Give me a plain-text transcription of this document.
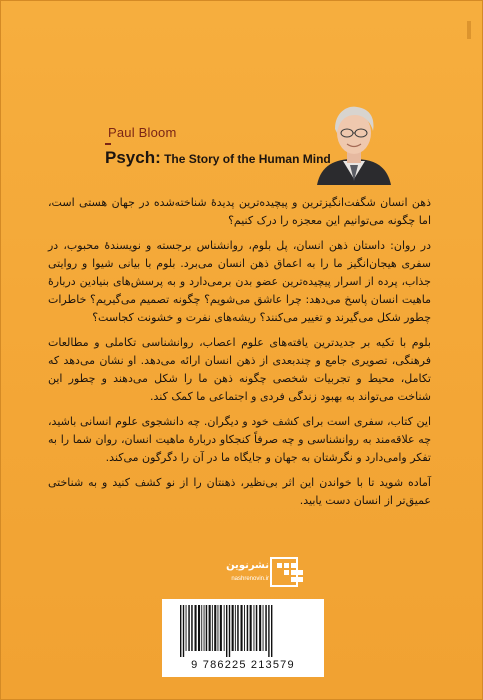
Paul Bloom
Psych: The Story of the Human Mind

ذهن انسان شگفت‌انگیزترین و پیچیده‌ترین پدیدهٔ شناخته‌شده در جهان هستی است، اما چگونه می‌توانیم این معجزه را درک کنیم؟

در روان: داستان ذهن انسان، پل بلوم، روانشناس برجسته و نویسندهٔ محبوب، در سفری هیجان‌انگیز ما را به اعماق ذهن انسان می‌برد. بلوم با بیانی شیوا و روایتی جذاب، پرده از اسرار پیچیده‌ترین عضو بدن برمی‌دارد و به پرسش‌های بنیادین دربارهٔ ماهیت انسان پاسخ می‌دهد: چرا عاشق می‌شویم؟ چگونه تصمیم می‌گیریم؟ خاطرات چطور شکل می‌گیرند و تغییر می‌کنند؟ ریشه‌های نفرت و خشونت کجاست؟

بلوم با تکیه بر جدیدترین یافته‌های علوم اعصاب، روانشناسی تکاملی و مطالعات فرهنگی، تصویری جامع و چندبعدی از ذهن انسان ارائه می‌دهد. او نشان می‌دهد که تکامل، محیط و تجربیات شخصی چگونه ذهن ما را شکل می‌دهند و چطور این شناخت می‌تواند به بهبود زندگی فردی و اجتماعی ما کمک کند.

این کتاب، سفری است برای کشف خود و دیگران. چه دانشجوی علوم انسانی باشید، چه علاقه‌مند به روانشناسی و چه صرفاً کنجکاو دربارهٔ ماهیت انسان، روان شما را به تفکر وامی‌دارد و نگرشتان به جهان و جایگاه ما در آن را دگرگون می‌کند.

آماده شوید تا با خواندن این اثر بی‌نظیر، ذهنتان را از نو کشف کنید و به شناختی عمیق‌تر از انسان دست یابید.

نشرنوین
nashrenovin.ir
9 786225 213579
